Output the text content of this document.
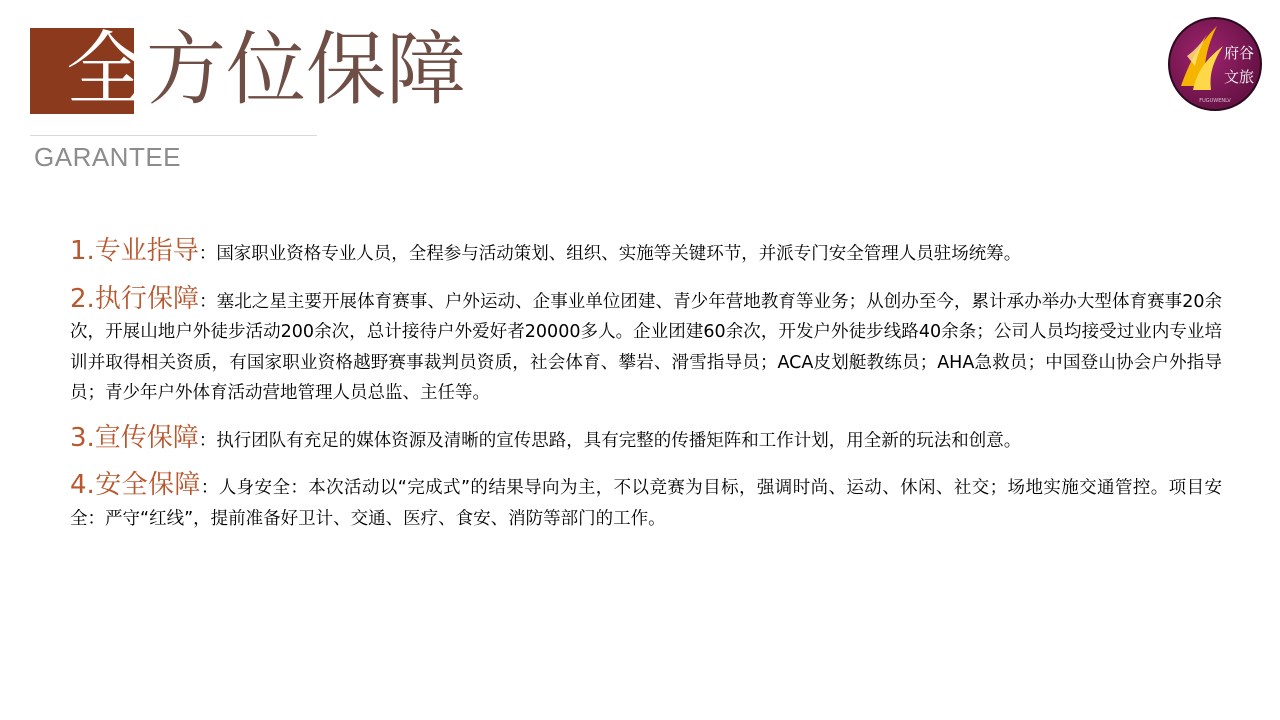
全 方位保障
GARANTEE
府谷
文旅
FUGUWENLV

1.专业指导：国家职业资格专业人员，全程参与活动策划、组织、实施等关键环节，并派专门安全管理人员驻场统筹。

2.执行保障：塞北之星主要开展体育赛事、户外运动、企事业单位团建、青少年营地教育等业务；从创办至今，累计承办举办大型体育赛事20余次，开展山地户外徒步活动200余次，总计接待户外爱好者20000多人。企业团建60余次，开发户外徒步线路40余条；公司人员均接受过业内专业培训并取得相关资质，有国家职业资格越野赛事裁判员资质，社会体育、攀岩、滑雪指导员；ACA皮划艇教练员；AHA急救员；中国登山协会户外指导员；青少年户外体育活动营地管理人员总监、主任等。

3.宣传保障：执行团队有充足的媒体资源及清晰的宣传思路，具有完整的传播矩阵和工作计划，用全新的玩法和创意。

4.安全保障：人身安全：本次活动以“完成式”的结果导向为主，不以竞赛为目标，强调时尚、运动、休闲、社交；场地实施交通管控。项目安全：严守“红线”，提前准备好卫计、交通、医疗、食安、消防等部门的工作。
